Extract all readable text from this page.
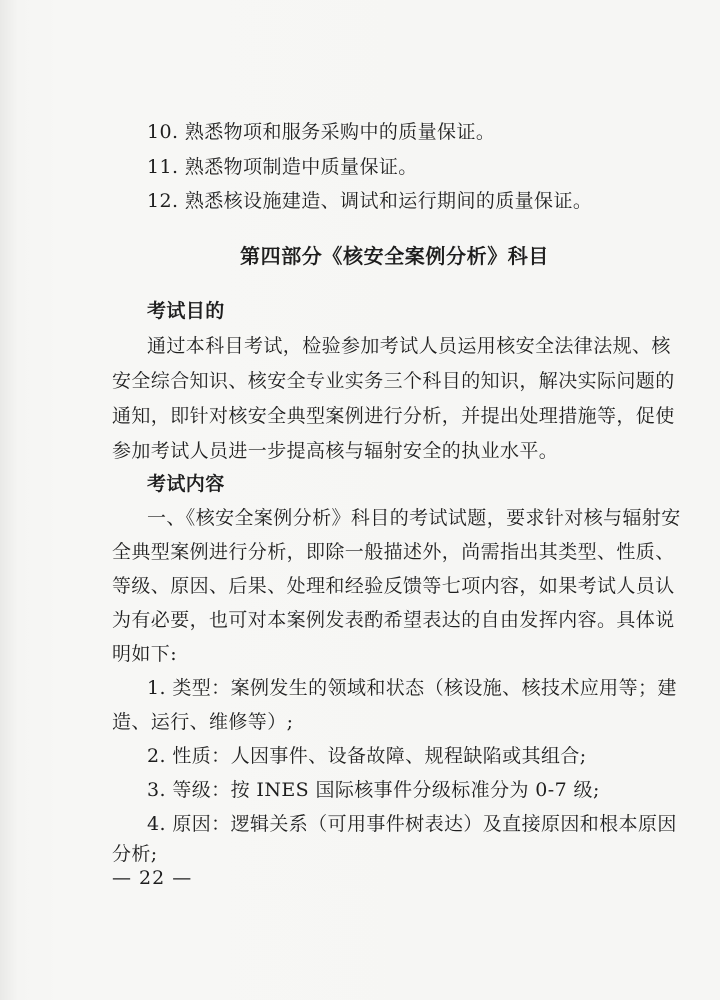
10. 熟悉物项和服务采购中的质量保证。
11. 熟悉物项制造中质量保证。
12. 熟悉核设施建造、调试和运行期间的质量保证。
第四部分《核安全案例分析》科目
考试目的
通过本科目考试，检验参加考试人员运用核安全法律法规、核
安全综合知识、核安全专业实务三个科目的知识，解决实际问题的
通知，即针对核安全典型案例进行分析，并提出处理措施等，促使
参加考试人员进一步提高核与辐射安全的执业水平。
考试内容
一、《核安全案例分析》科目的考试试题，要求针对核与辐射安
全典型案例进行分析，即除一般描述外，尚需指出其类型、性质、
等级、原因、后果、处理和经验反馈等七项内容，如果考试人员认
为有必要，也可对本案例发表酌希望表达的自由发挥内容。具体说
明如下:
1. 类型：案例发生的领域和状态（核设施、核技术应用等；建
造、运行、维修等）;
2. 性质：人因事件、设备故障、规程缺陷或其组合;
3. 等级：按 INES 国际核事件分级标准分为 0-7 级;
4. 原因：逻辑关系（可用事件树表达）及直接原因和根本原因
分析;
— 22 —
